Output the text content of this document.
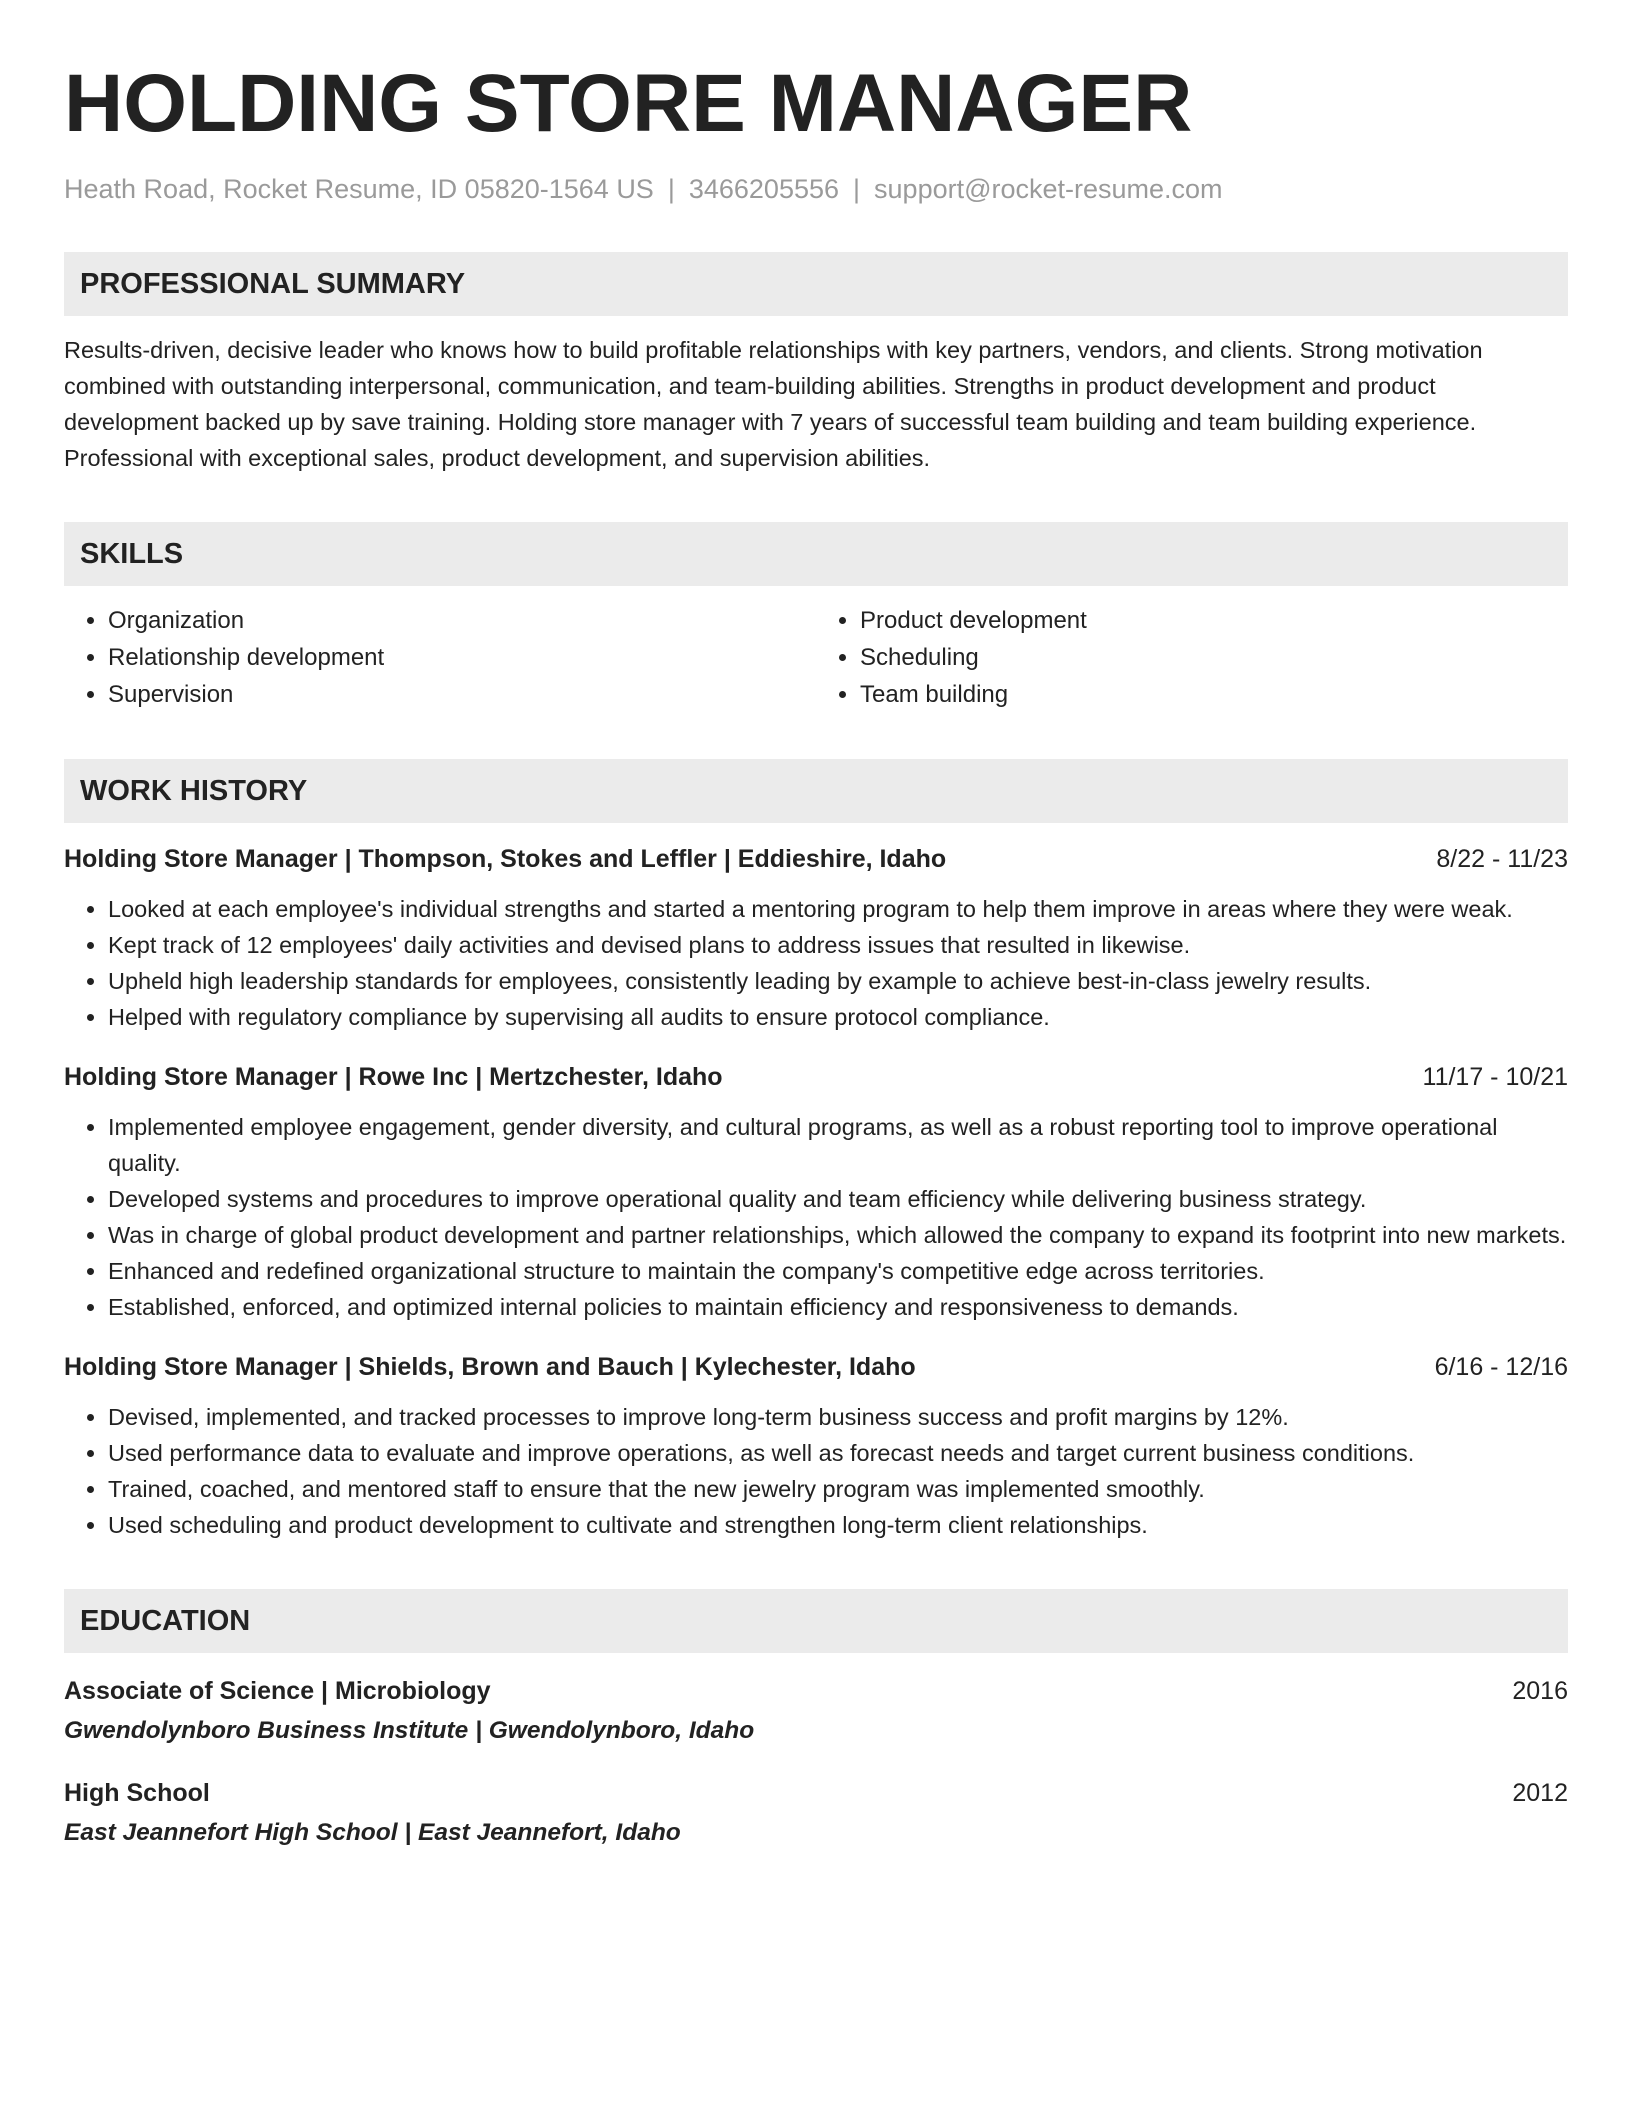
HOLDING STORE MANAGER
Heath Road, Rocket Resume, ID 05820-1564 US | 3466205556 | support@rocket-resume.com
PROFESSIONAL SUMMARY
Results-driven, decisive leader who knows how to build profitable relationships with key partners, vendors, and clients. Strong motivation combined with outstanding interpersonal, communication, and team-building abilities. Strengths in product development and product development backed up by save training. Holding store manager with 7 years of successful team building and team building experience. Professional with exceptional sales, product development, and supervision abilities.
SKILLS
• Organization
• Relationship development
• Supervision
• Product development
• Scheduling
• Team building
WORK HISTORY
Holding Store Manager | Thompson, Stokes and Leffler | Eddieshire, Idaho	8/22 - 11/23
• Looked at each employee's individual strengths and started a mentoring program to help them improve in areas where they were weak.
• Kept track of 12 employees' daily activities and devised plans to address issues that resulted in likewise.
• Upheld high leadership standards for employees, consistently leading by example to achieve best-in-class jewelry results.
• Helped with regulatory compliance by supervising all audits to ensure protocol compliance.
Holding Store Manager | Rowe Inc | Mertzchester, Idaho	11/17 - 10/21
• Implemented employee engagement, gender diversity, and cultural programs, as well as a robust reporting tool to improve operational quality.
• Developed systems and procedures to improve operational quality and team efficiency while delivering business strategy.
• Was in charge of global product development and partner relationships, which allowed the company to expand its footprint into new markets.
• Enhanced and redefined organizational structure to maintain the company's competitive edge across territories.
• Established, enforced, and optimized internal policies to maintain efficiency and responsiveness to demands.
Holding Store Manager | Shields, Brown and Bauch | Kylechester, Idaho	6/16 - 12/16
• Devised, implemented, and tracked processes to improve long-term business success and profit margins by 12%.
• Used performance data to evaluate and improve operations, as well as forecast needs and target current business conditions.
• Trained, coached, and mentored staff to ensure that the new jewelry program was implemented smoothly.
• Used scheduling and product development to cultivate and strengthen long-term client relationships.
EDUCATION
Associate of Science | Microbiology	2016
Gwendolynboro Business Institute | Gwendolynboro, Idaho
High School	2012
East Jeannefort High School | East Jeannefort, Idaho
